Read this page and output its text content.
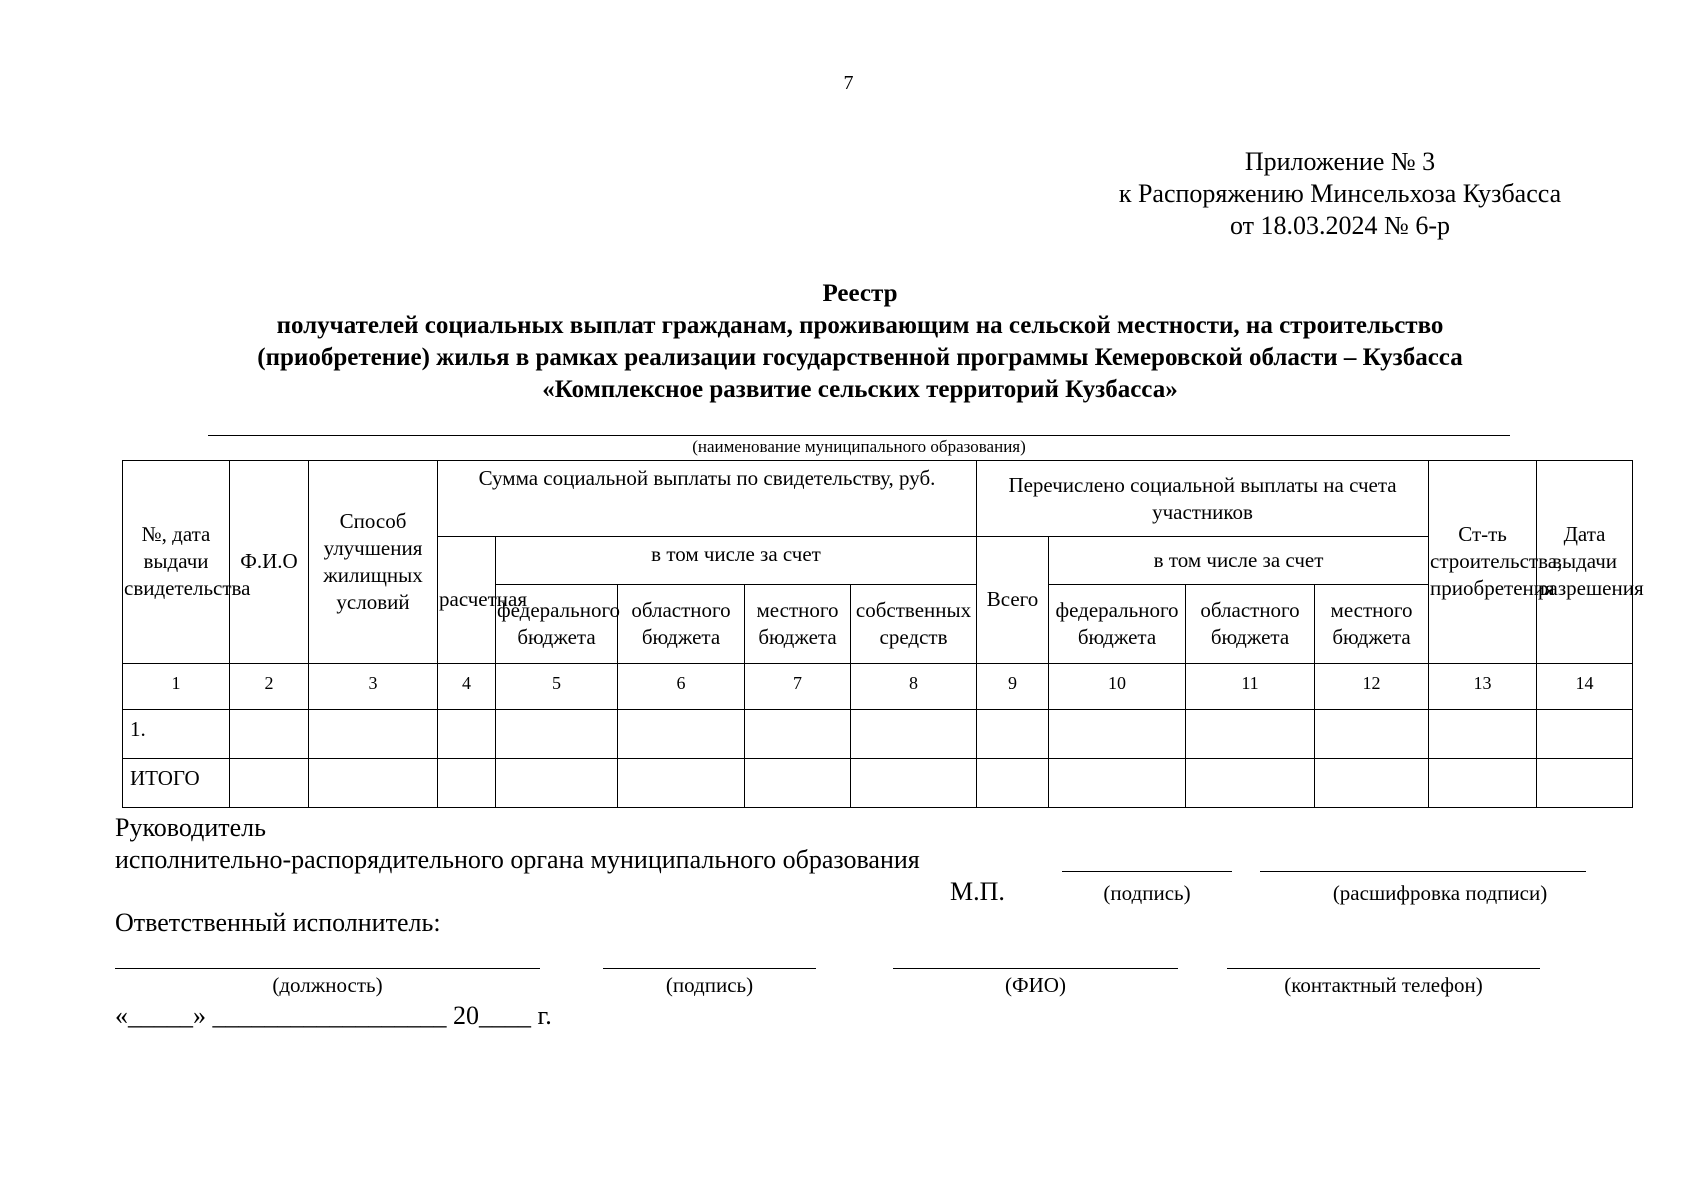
7
Приложение № 3
к Распоряжению Минсельхоза Кузбасса
от 18.03.2024 № 6-р
Реестр
получателей социальных выплат гражданам, проживающим на сельской местности, на строительство
(приобретение) жилья в рамках реализации государственной программы Кемеровской области – Кузбасса
«Комплексное развитие сельских территорий Кузбасса»
(наименование муниципального образования)
№, дата выдачи свидетельства	Ф.И.О	Способ улучшения жилищных условий	Сумма социальной выплаты по свидетельству, руб.					Перечислено социальной выплаты на счета участников				Ст-ть строительства, приобретения	Дата выдачи разрешения
			расчетная	в том числе за счет				Всего	в том числе за счет				
				федерального бюджета	областного бюджета	местного бюджета	собственных средств		федерального бюджета	областного бюджета	местного бюджета		
1	2	3	4	5	6	7	8	9	10	11	12	13	14
1.													
ИТОГО													
Руководитель
исполнительно-распорядительного органа муниципального образования
М.П.	(подпись)	(расшифровка подписи)
Ответственный исполнитель:
(должность)	(подпись)	(ФИО)	(контактный телефон)
«_____» __________________ 20____ г.
